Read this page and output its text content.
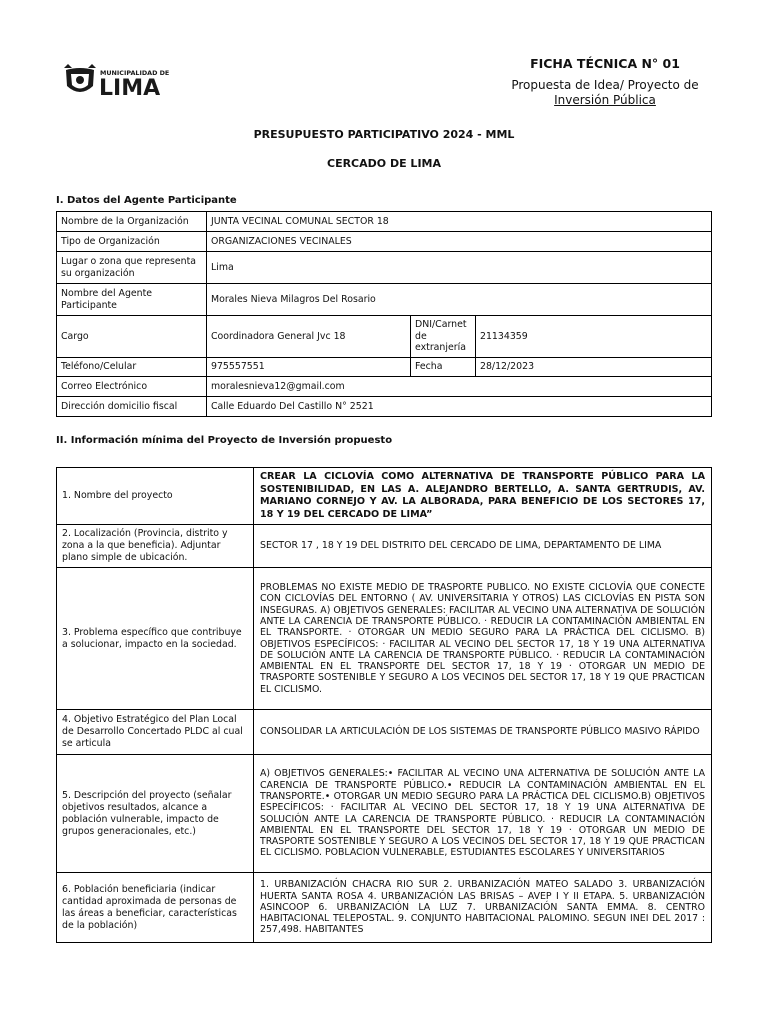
MUNICIPALIDAD DE
LIMA
FICHA TÉCNICA N° 01
Propuesta de Idea/ Proyecto de
Inversión Pública
PRESUPUESTO PARTICIPATIVO 2024 - MML
CERCADO DE LIMA
I. Datos del Agente Participante
Nombre de la Organización	JUNTA VECINAL COMUNAL SECTOR 18		
Tipo de Organización	ORGANIZACIONES VECINALES		
Lugar o zona que representa su organización	Lima		
Nombre del Agente Participante	Morales Nieva Milagros Del Rosario		
Cargo	Coordinadora General Jvc 18	DNI/Carnet de extranjería	21134359
Teléfono/Celular	975557551	Fecha	28/12/2023
Correo Electrónico	moralesnieva12@gmail.com		
Dirección domicilio fiscal	Calle Eduardo Del Castillo N° 2521		
II. Información mínima del Proyecto de Inversión propuesto
1. Nombre del proyecto	CREAR LA CICLOVÍA COMO ALTERNATIVA DE TRANSPORTE PÚBLICO PARA LA SOSTENIBILIDAD, EN LAS A. ALEJANDRO BERTELLO, A. SANTA GERTRUDIS, AV. MARIANO CORNEJO Y AV. LA ALBORADA, PARA BENEFICIO DE LOS SECTORES 17, 18 Y 19 DEL CERCADO DE LIMA”
2. Localización (Provincia, distrito y zona a la que beneficia). Adjuntar plano simple de ubicación.	SECTOR 17 , 18 Y 19 DEL DISTRITO DEL CERCADO DE LIMA, DEPARTAMENTO DE LIMA
3. Problema específico que contribuye a solucionar, impacto en la sociedad.	PROBLEMAS NO EXISTE MEDIO DE TRASPORTE PUBLICO. NO EXISTE CICLOVÍA QUE CONECTE CON CICLOVÍAS DEL ENTORNO ( AV. UNIVERSITARIA Y OTROS) LAS CICLOVÍAS EN PISTA SON INSEGURAS. A) OBJETIVOS GENERALES: FACILITAR AL VECINO UNA ALTERNATIVA DE SOLUCIÓN ANTE LA CARENCIA DE TRANSPORTE PÚBLICO. · REDUCIR LA CONTAMINACIÓN AMBIENTAL EN EL TRANSPORTE. · OTORGAR UN MEDIO SEGURO PARA LA PRÁCTICA DEL CICLISMO. B) OBJETIVOS ESPECÍFICOS: · FACILITAR AL VECINO DEL SECTOR 17, 18 Y 19 UNA ALTERNATIVA DE SOLUCIÓN ANTE LA CARENCIA DE TRANSPORTE PÚBLICO. · REDUCIR LA CONTAMINACIÓN AMBIENTAL EN EL TRANSPORTE DEL SECTOR 17, 18 Y 19 · OTORGAR UN MEDIO DE TRASPORTE SOSTENIBLE Y SEGURO A LOS VECINOS DEL SECTOR 17, 18 Y 19 QUE PRACTICAN EL CICLISMO.
4. Objetivo Estratégico del Plan Local de Desarrollo Concertado PLDC al cual se articula	CONSOLIDAR LA ARTICULACIÓN DE LOS SISTEMAS DE TRANSPORTE PÚBLICO MASIVO RÁPIDO
5. Descripción del proyecto (señalar objetivos resultados, alcance a población vulnerable, impacto de grupos generacionales, etc.)	A) OBJETIVOS GENERALES:• FACILITAR AL VECINO UNA ALTERNATIVA DE SOLUCIÓN ANTE LA CARENCIA DE TRANSPORTE PÚBLICO.• REDUCIR LA CONTAMINACIÓN AMBIENTAL EN EL TRANSPORTE.• OTORGAR UN MEDIO SEGURO PARA LA PRÁCTICA DEL CICLISMO.B) OBJETIVOS ESPECÍFICOS: · FACILITAR AL VECINO DEL SECTOR 17, 18 Y 19 UNA ALTERNATIVA DE SOLUCIÓN ANTE LA CARENCIA DE TRANSPORTE PÚBLICO. · REDUCIR LA CONTAMINACIÓN AMBIENTAL EN EL TRANSPORTE DEL SECTOR 17, 18 Y 19 · OTORGAR UN MEDIO DE TRASPORTE SOSTENIBLE Y SEGURO A LOS VECINOS DEL SECTOR 17, 18 Y 19 QUE PRACTICAN EL CICLISMO. POBLACION VULNERABLE, ESTUDIANTES ESCOLARES Y UNIVERSITARIOS
6. Población beneficiaria (indicar cantidad aproximada de personas de las áreas a beneficiar, características de la población)	1. URBANIZACIÓN CHACRA RIO SUR 2. URBANIZACIÓN MATEO SALADO 3. URBANIZACIÓN HUERTA SANTA ROSA 4. URBANIZACIÓN LAS BRISAS – AVEP I Y II ETAPA. 5. URBANIZACIÓN ASINCOOP 6. URBANIZACIÓN LA LUZ 7. URBANIZACIÓN SANTA EMMA. 8. CENTRO HABITACIONAL TELEPOSTAL. 9. CONJUNTO HABITACIONAL PALOMINO. SEGUN INEI DEL 2017 : 257,498. HABITANTES
